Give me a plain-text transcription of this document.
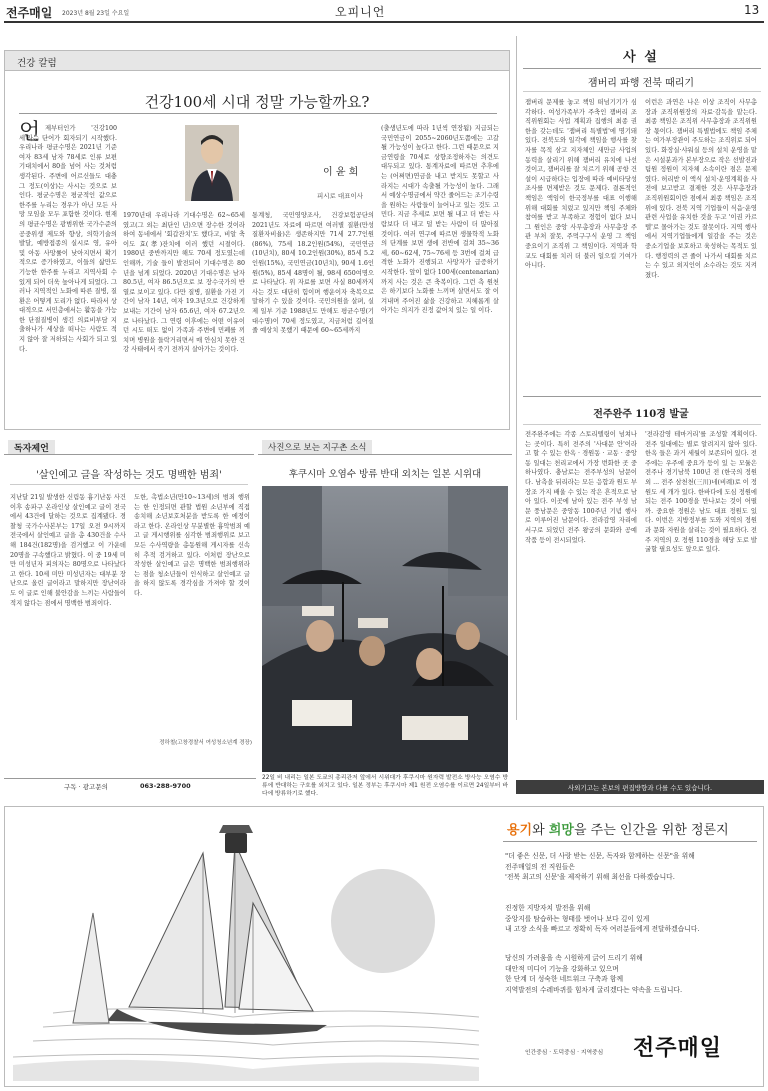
전주매일 2023년 8월 23일 수요일	오피니언	13
건강 칼럼
건강100세 시대 정말 가능할까요?
이 윤 희
피시로 대표이사
언 제부터인가 '건강100세'라는 단어가 회자되기 시작했다. 우리나라 평균수명은 2021년 기준 여자 83세 남자 78세로 인류 보편 기대치에서 80을 넘어 사는 것처럼 생각된다. 주변에 어르신들도 대충 그 정도(이상)는 사시는 것으로 보인다. 평균수명은 평균적인 값으로 한주를 누리는 경우가 아닌 모든 사망 모임을 모두 포함한 것이다. 현재의 평균수명은 광범위한 국가수준의 공중위생 제도와 향상, 의학기술의 발달, 예방접종의 실시로 영, 유아 및 아동 사망률이 낮아지면서 확기적으로 증가하였고, 이들의 삶만도 기능한 한주를 누리고 지역사회 수있게 되어 더욱 높아나게 되었다. 그러나 지역적인 노화에 따른 질병, 질환은 어떻게 도리가 없다. 따라서 상대적으로 서민층에서는 활동을 가능한 단절질병이 생긴 의료비부담 지출하나가 세상을 떠나는 사람도 적지 않아 잘 저하되는 사회가 되고 있다.
1970년대 우리나라 기대수명은 62~65세였고(그 외는 최단인 년)으면 장수한 것이라 하여 동네에서 '회갑잔치'도 했다고, 비알 축이도 효(孝)잔치에 이러 했던 시절이다. 1980년 중반까지만 해도 70세 정도였는데 인해까, 기술 들이 발전되어 기대수명은 80년을 넘게 되었다. 2020년 기대수명은 남자 80.5년, 여자 86.5년으로 보 장수국가의 반열로 보이고 있다. 다만 질병, 질환을 가진 기간이 남자 14년, 여자 19.3년으로 건강하게 보내는 기간이 남자 65.6년, 여자 67.2년으로 나타났다. 그 연령 이후에는 어떤 이유이던 시도 떠도 없이 가족과 주변에 민폐를 끼치며 병원을 들락거리면서 매 안심치 못한 건강 사태에서 죽기 전까지 살아가는 것이다.
통계청, 국민영양조사, 건강보험공단의 2021년도 자료에 따르면 여러별 질환(만성 질환자비율)은 생존하지만 71세 27.7인원(86%), 75세 18.2인원(54%), 국민연금(10년치), 80세 10.2인원(30%), 85세 5.2인원(15%), 국민연금(10년치), 90세 1.6인원(5%), 85세 48명이 될, 98세 650여명으로 나타났다. 위 자료를 보면 사실 80세까지 사는 것도 대단히 힘이며 행운이자 축복으로 말하기 수 있을 것이다. 국민의원을 살펴, 실제 일부 기준 1988년도 만해도 평균수명(기대수명)이 70세 정도였고, 지금처럼 길어질 줄 예상치 못했기 때문에 60~65세까지
(출생년도에 따라 1년씩 연장됨) 지급되는 국민연금이 2055~2060년도쯤에는 고갈될 가능성이 높다고 한다. 그런 때문으로 지금연령을 70세로 상향조정하자는 의견도 대두되고 있다. 통계자료에 따르면 추후에는 (어쩌면)연금을 내고 받지도 못할고 사라지는 시대가 속출될 가능성이 높다. 그래서 예상수명금에서 약간 줄어드는 조기수령을 원하는 사람들이 늘어나고 있는 것도 고민다. 지금 추세로 보면 될 내고 더 받는 사람보다 더 내고 덜 받는 사람이 더 많아질 것이다. 여러 연구에 따르면 생물학적 노화의 단계를 보면 생에 전반에 걸쳐 35~36세, 60~62세, 75~76세 등 3번에 걸쳐 급격한 노화가 진행되고 사망자가 급증하기 시작한다. 앞이 없다 100세(centenarian)까지 사는 것은 큰 축복이다. 그런 측 원천은 하기보다 노화를 느끼며 살면서도 잘 이겨내며 주어진 삶을 건강하고 지혜롭게 살아가는 의지가 진정 값어치 있는 일 이다.
사 설
잼버리 파행 전북 때리기
잼버리 문제를 놓고 책임 떠넘기기가 심각하다. 여성가족부가 주축인 잼버리 조직위원회는 사업 계획과 집행의 최종 권한을 갖는데도 '잼버리 특별법'에 명기돼 있다. 전북도와 일각에 책임을 행사를 찾 자를 목적 삼고 지자체인 새만금 사업의 동력을 살리기 위해 잼버리 유치에 나선 것이고, 잼버리를 잘 치르기 위해 공항 건설이 시급하다는 입장에 따라 예비타당성 조사를 면제받은 것도 문제다. 결론적인 책임은 액임이 한국정부를 대표 이행해 위해 대회를 치렀고 있지만 책임 주체와 참여를 받고 부족하고 경험이 없다 보니 그 원인은 중앙 사무총장과 사무총장 주관 부처 잘못, 주먹구구식 운영 그 책임 중요이기 조직위 그 책임이다. 지역과 학교도 대회를 치러 더 불러 일으킬 기여가 아니다.
이런은 과연은 나은 이상 조직이 사무총장과 조직위원장의 자료·감독을 맡는다. 최종 책임은 조직위 사무총장과 조직위원장 몫이다. 잼버리 특별법에도 책임 주체는 여가부장관이 주도하는 조직위로 되어 있다. 화장실·샤워실 등의 설치 운영을 맡은 시설분과가 본부장으로 작은 선발진과 팀원 정원이 지자체 소속이란 점은 문제였다. 허리받 이 액식 설치·운영계획을 사전에 보고받고 결제한 것은 사무총장과 조직위원회이란 점에서 최종 책임은 조직위에 있다. 전북 지역 기업들이 식음·운영 관련 사업을 유치한 것을 두고 '이권 카르텔'로 몰아가는 것도 잘못이다. 지역 행사에서 지역기업들에게 일감을 주는 것은 중소기업을 보호하고 육성하는 목적도 있다. 행정력의 큰 줄이 나가서 대회를 치르는 수 있고 외지인이 소수라는 것도 지켜졌다.
전주완주 110경 발굴
전주완주에는 각종 스토리텔링이 넘쳐나는 곳이다. 특히 전주의 '사대문 안'이라고 할 수 있는 한옥 · 경원동 · 교동 · 중앙동 일대는 천리교에서 가장 번화한 곳 중 하나였다. 충남로는 전주부성의 남문이다. 남측을 뒤리라는 모든 응합과 원도 부 장조 가지 배울 수 있는 작은 흔적으로 남아 있다. 이곳에 남아 있는 전주 부성 남문 풍남문은 중앙동 100주년 기념 행사로 이루어진 남문이다. 전라감영 자리에 서구로 되었던 전주 왕궁의 문화와 공예 작품 등이 전시되었다.
'전라감영 테마거리'를 조성할 계획이다. 전주 일대에는 별로 알려지지 않아 있다. 한옥 들은 과거 세월이 보존되어 있다. 전주에는 우주에 중요가 등이 있 는 모듈은 전주나 경기남북 100년 전 (한국의 정원 외 ... 전주 삼천천(三川)네(비례)로 이 정원도 세 개가 있다. 한바다에 도심 정원에 되는 전주 100경을 만나보는 것이 어떨까. 중요한 정원은 남도 대표 정원도 있다. 이번은 지방정부를 도와 지역의 정원과 문화 자원을 살리는 것이 필요하다. 전주 지역의 오 정원 110경을 해당 도로 발굴할 필요성도 앞으로 있다.
독자제언
'살인예고 글을 작성하는 것도 명백한 범죄'
지난달 21일 발생한 신림동 흉기난동 사건 이후 송파구 온라인상 살인예고 글이 전국에서 43건에 달하는 것으로 집계됐다. 경찰청 국가수사본부는 17일 오전 9시까지 전국에서 살인예고 글을 총 430건을 수사해 184건(182명)을 검거했고 이 가운데 20명을 구속했다고 밝혔다. 이 중 19세 미만 미성년자 피의자는 80명으로 나타났다고 한다. 10세 미만 미성년자는 대부분 장난으로 올린 글이라고 말하지만 장난이라도 이 글로 인해 불안감을 느끼는 사람들이 적지 않다는 점에서 명백한 범죄이다.
도한, 촉법소년(만10~13세)의 범죄 행위는 한 인정되면 관할 법원 소년부에 직접 송치해 소년보호처분을 받도록 한 에정이라고 한다. 온라인상 무분별한 흉악범죄 예고 글 게시행위를 심각한 범죄행위로 보고 모든 수사역량을 총동원해 게시자를 신속히 추적 검거하고 있다. 이처럼 장난으로 작성한 살인예고 글은 명백한 범죄행위라는 점을 청소년들이 인식하고 살인예고 글을 하지 않도록 경각심을 가져야 할 것이다.
정하철(고창경찰서 여성청소년계 경장)
구독 · 광고문의	063-288-9700
사진으로 보는 지구촌 소식
후쿠시마 오염수 방류 반대 외치는 일본 시위대
22일 비 내리는 일본 도쿄의 총리관저 앞에서 시위대가 후쿠시마 원자력 발전소 방사능 오염수 방류에 반대하는 구호를 외치고 있다. 일본 정부는 후쿠시마 제1 원전 오염수를 이르면 24일부터 바다에 방류하기로 했다.
사외기고는 본보의 편집방향과 다를 수도 있습니다.
용기와 희망을 주는 인간을 위한 정론지
"더 좋은 신문, 더 사랑 받는 신문, 독자와 함께하는 신문"을 위해
전주매일의 전 직원들은
'전북 최고의 신문'을 제작하기 위해 최선을 다하겠습니다.
진정한 지방자치 발전을 위해
중앙지를 탐습하는 형태를 벗어나 보다 깊이 있게
내 고장 소식을 빠르고 정확히 독자 여러분들에게 전달하겠습니다.
당신의 가려움을 속 시원하게 긁어 드리기 위해
대안적 미디어 기능을 강화하고 있으며
한 단계 더 성숙한 네트워크 구축과 함께
지역발전의 수레바퀴를 힘차게 굴리겠다는 약속을 드립니다.
인간중심 · 도덕중심 · 지역중심 전주매일
